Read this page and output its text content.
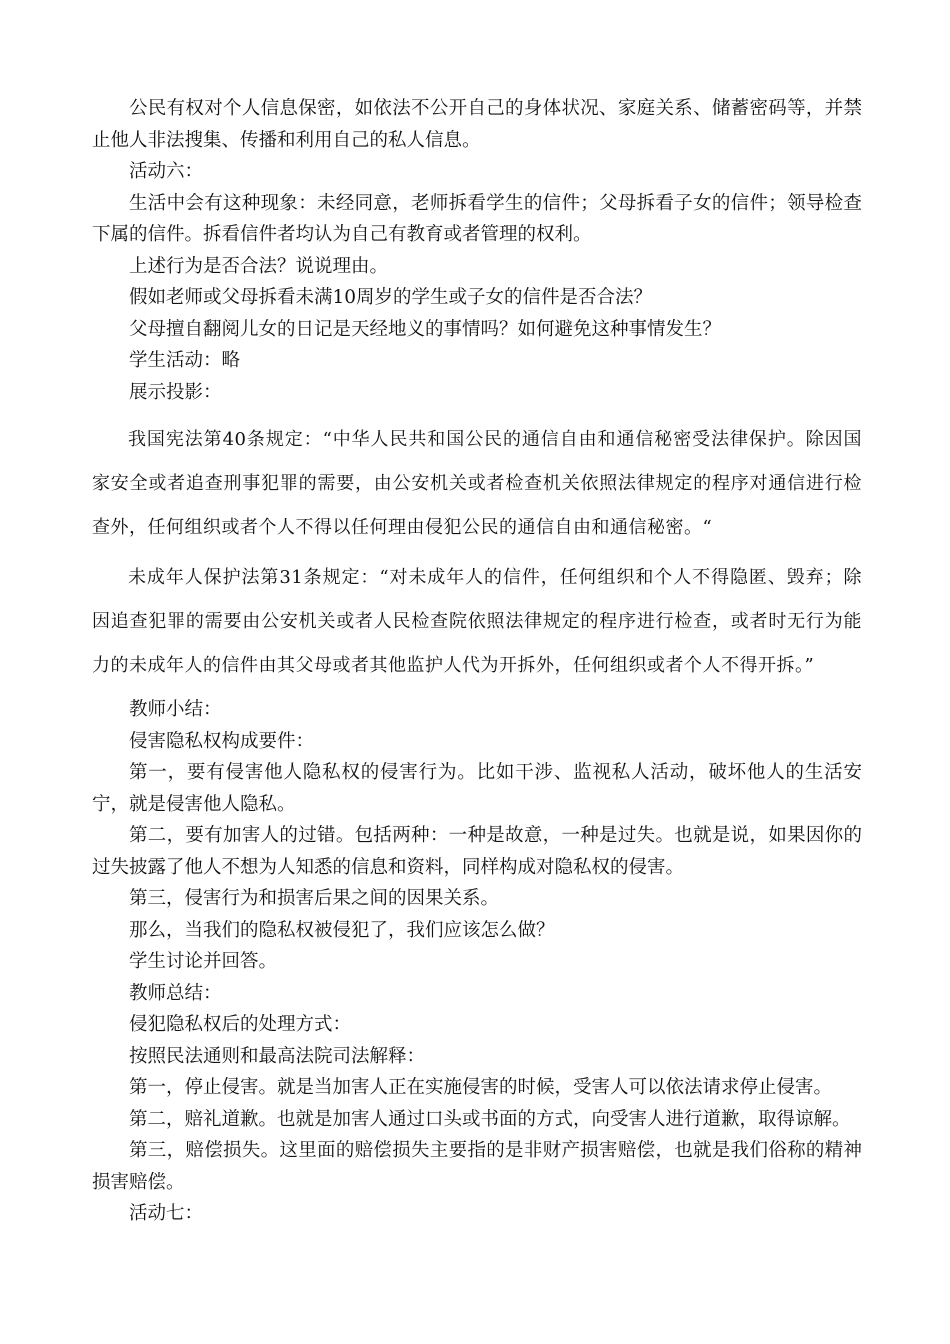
公民有权对个人信息保密，如依法不公开自己的身体状况、家庭关系、储蓄密码等，并禁止他人非法搜集、传播和利用自己的私人信息。

活动六：

生活中会有这种现象：未经同意，老师拆看学生的信件；父母拆看子女的信件；领导检查下属的信件。拆看信件者均认为自己有教育或者管理的权利。

上述行为是否合法？说说理由。

假如老师或父母拆看未满10周岁的学生或子女的信件是否合法？

父母擅自翻阅儿女的日记是天经地义的事情吗？如何避免这种事情发生？

学生活动：略

展示投影：

我国宪法第40条规定：“中华人民共和国公民的通信自由和通信秘密受法律保护。除因国家安全或者追查刑事犯罪的需要，由公安机关或者检查机关依照法律规定的程序对通信进行检查外，任何组织或者个人不得以任何理由侵犯公民的通信自由和通信秘密。“

未成年人保护法第31条规定：“对未成年人的信件，任何组织和个人不得隐匿、毁弃；除因追查犯罪的需要由公安机关或者人民检查院依照法律规定的程序进行检查，或者时无行为能力的未成年人的信件由其父母或者其他监护人代为开拆外，任何组织或者个人不得开拆。”

教师小结：

侵害隐私权构成要件：

第一，要有侵害他人隐私权的侵害行为。比如干涉、监视私人活动，破坏他人的生活安宁，就是侵害他人隐私。

第二，要有加害人的过错。包括两种：一种是故意，一种是过失。也就是说，如果因你的过失披露了他人不想为人知悉的信息和资料，同样构成对隐私权的侵害。

第三，侵害行为和损害后果之间的因果关系。

那么，当我们的隐私权被侵犯了，我们应该怎么做？

学生讨论并回答。

教师总结：

侵犯隐私权后的处理方式：

按照民法通则和最高法院司法解释：

第一，停止侵害。就是当加害人正在实施侵害的时候，受害人可以依法请求停止侵害。

第二，赔礼道歉。也就是加害人通过口头或书面的方式，向受害人进行道歉，取得谅解。

第三，赔偿损失。这里面的赔偿损失主要指的是非财产损害赔偿，也就是我们俗称的精神损害赔偿。

活动七：
